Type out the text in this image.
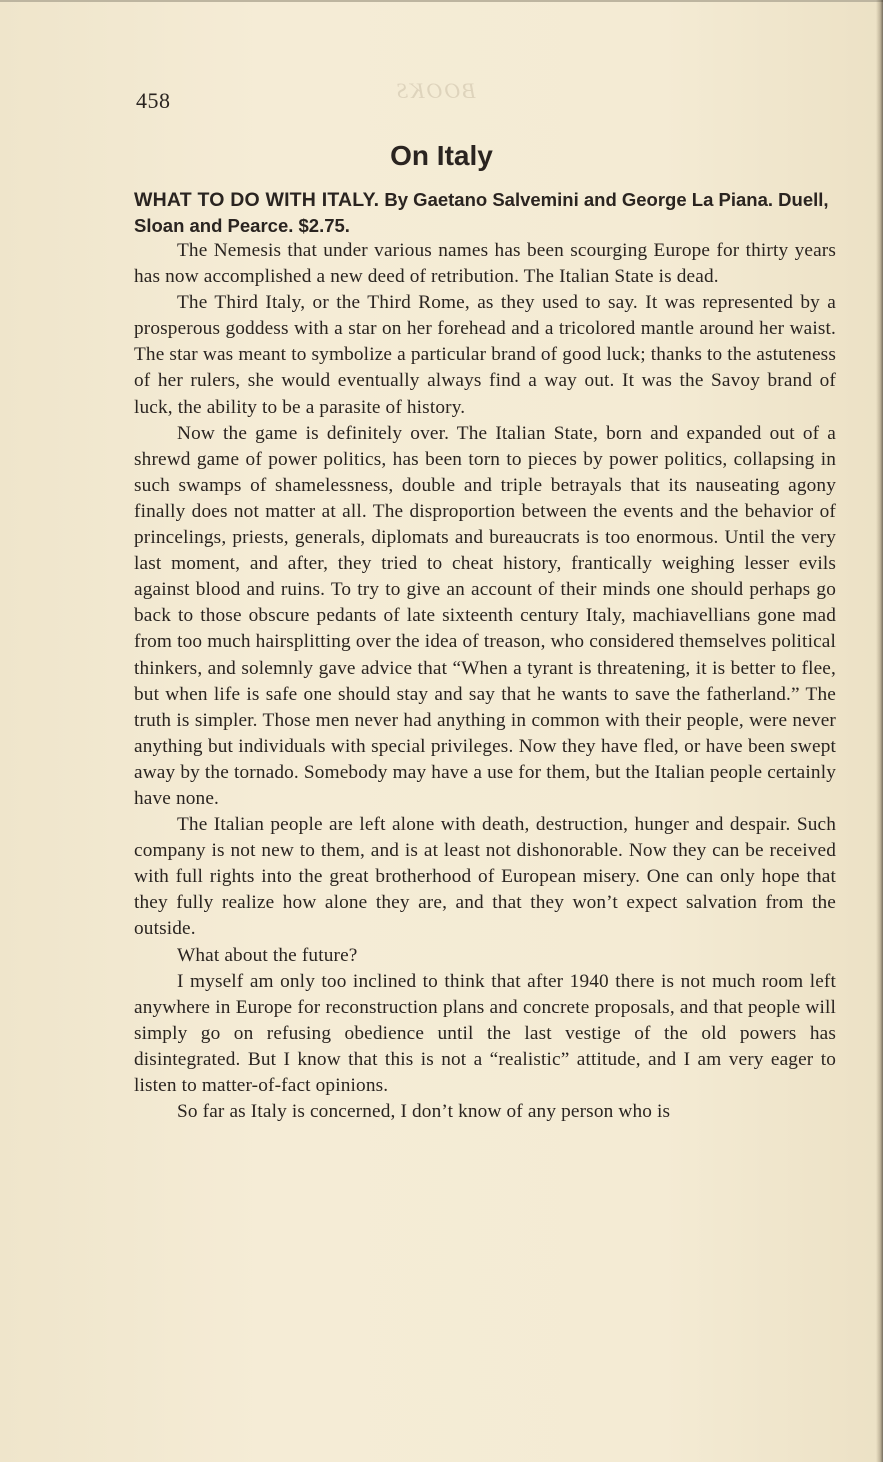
BOOKS
458
On Italy
WHAT TO DO WITH ITALY. By Gaetano Salvemini and George La Piana. Duell, Sloan and Pearce. $2.75.

The Nemesis that under various names has been scourging Europe for thirty years has now accomplished a new deed of retribution. The Italian State is dead.

The Third Italy, or the Third Rome, as they used to say. It was represented by a prosperous goddess with a star on her forehead and a tricolored mantle around her waist. The star was meant to symbolize a particular brand of good luck; thanks to the astuteness of her rulers, she would eventually always find a way out. It was the Savoy brand of luck, the ability to be a parasite of history.

Now the game is definitely over. The Italian State, born and expanded out of a shrewd game of power politics, has been torn to pieces by power politics, collapsing in such swamps of shamelessness, double and triple betrayals that its nauseating agony finally does not matter at all. The disproportion between the events and the behavior of princelings, priests, generals, diplomats and bureaucrats is too enormous. Until the very last moment, and after, they tried to cheat history, frantically weighing lesser evils against blood and ruins. To try to give an account of their minds one should perhaps go back to those obscure pedants of late sixteenth century Italy, machiavellians gone mad from too much hairsplitting over the idea of treason, who considered themselves political thinkers, and solemnly gave advice that “When a tyrant is threatening, it is better to flee, but when life is safe one should stay and say that he wants to save the fatherland.” The truth is simpler. Those men never had anything in common with their people, were never anything but individuals with special privileges. Now they have fled, or have been swept away by the tornado. Somebody may have a use for them, but the Italian people certainly have none.

The Italian people are left alone with death, destruction, hunger and despair. Such company is not new to them, and is at least not dishonorable. Now they can be received with full rights into the great brotherhood of European misery. One can only hope that they fully realize how alone they are, and that they won’t expect salvation from the outside.

What about the future?

I myself am only too inclined to think that after 1940 there is not much room left anywhere in Europe for reconstruction plans and concrete proposals, and that people will simply go on refusing obedience until the last vestige of the old powers has disintegrated. But I know that this is not a “realistic” attitude, and I am very eager to listen to matter-of-fact opinions.

So far as Italy is concerned, I don’t know of any person who is
